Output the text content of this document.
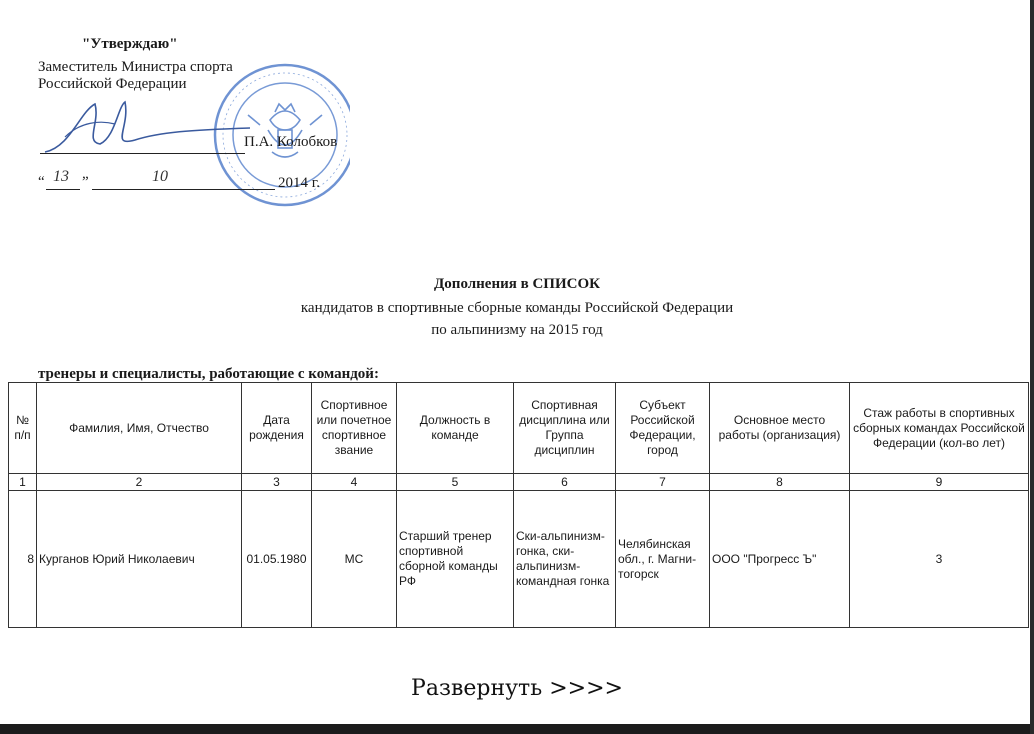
"Утверждаю"
Заместитель Министра спорта
Российской Федерации
П.А. Колобков
“ 13 ”	10	2014 г.
Дополнения в СПИСОК
кандидатов в спортивные сборные команды Российской Федерации
по альпинизму на 2015 год
тренеры и специалисты, работающие с командой:
№ п/п	Фамилия, Имя, Отчество	Дата рождения	Спортивное или почетное спортивное звание	Должность в команде	Спортивная дисциплина или Группа дисциплин	Субъект Российской Федерации, город	Основное место работы (организация)	Стаж работы в спортивных сборных командах Российской Федерации (кол-во лет)
1	2	3	4	5	6	7	8	9
8	Курганов Юрий Николаевич	01.05.1980	МС	Старший тренер спортивной сборной команды РФ	Ски-альпинизм-гонка, ски-альпинизм-командная гонка	Челябинская обл., г. Магни-тогорск	ООО "Прогресс Ъ"	3
Развернуть >>>>
